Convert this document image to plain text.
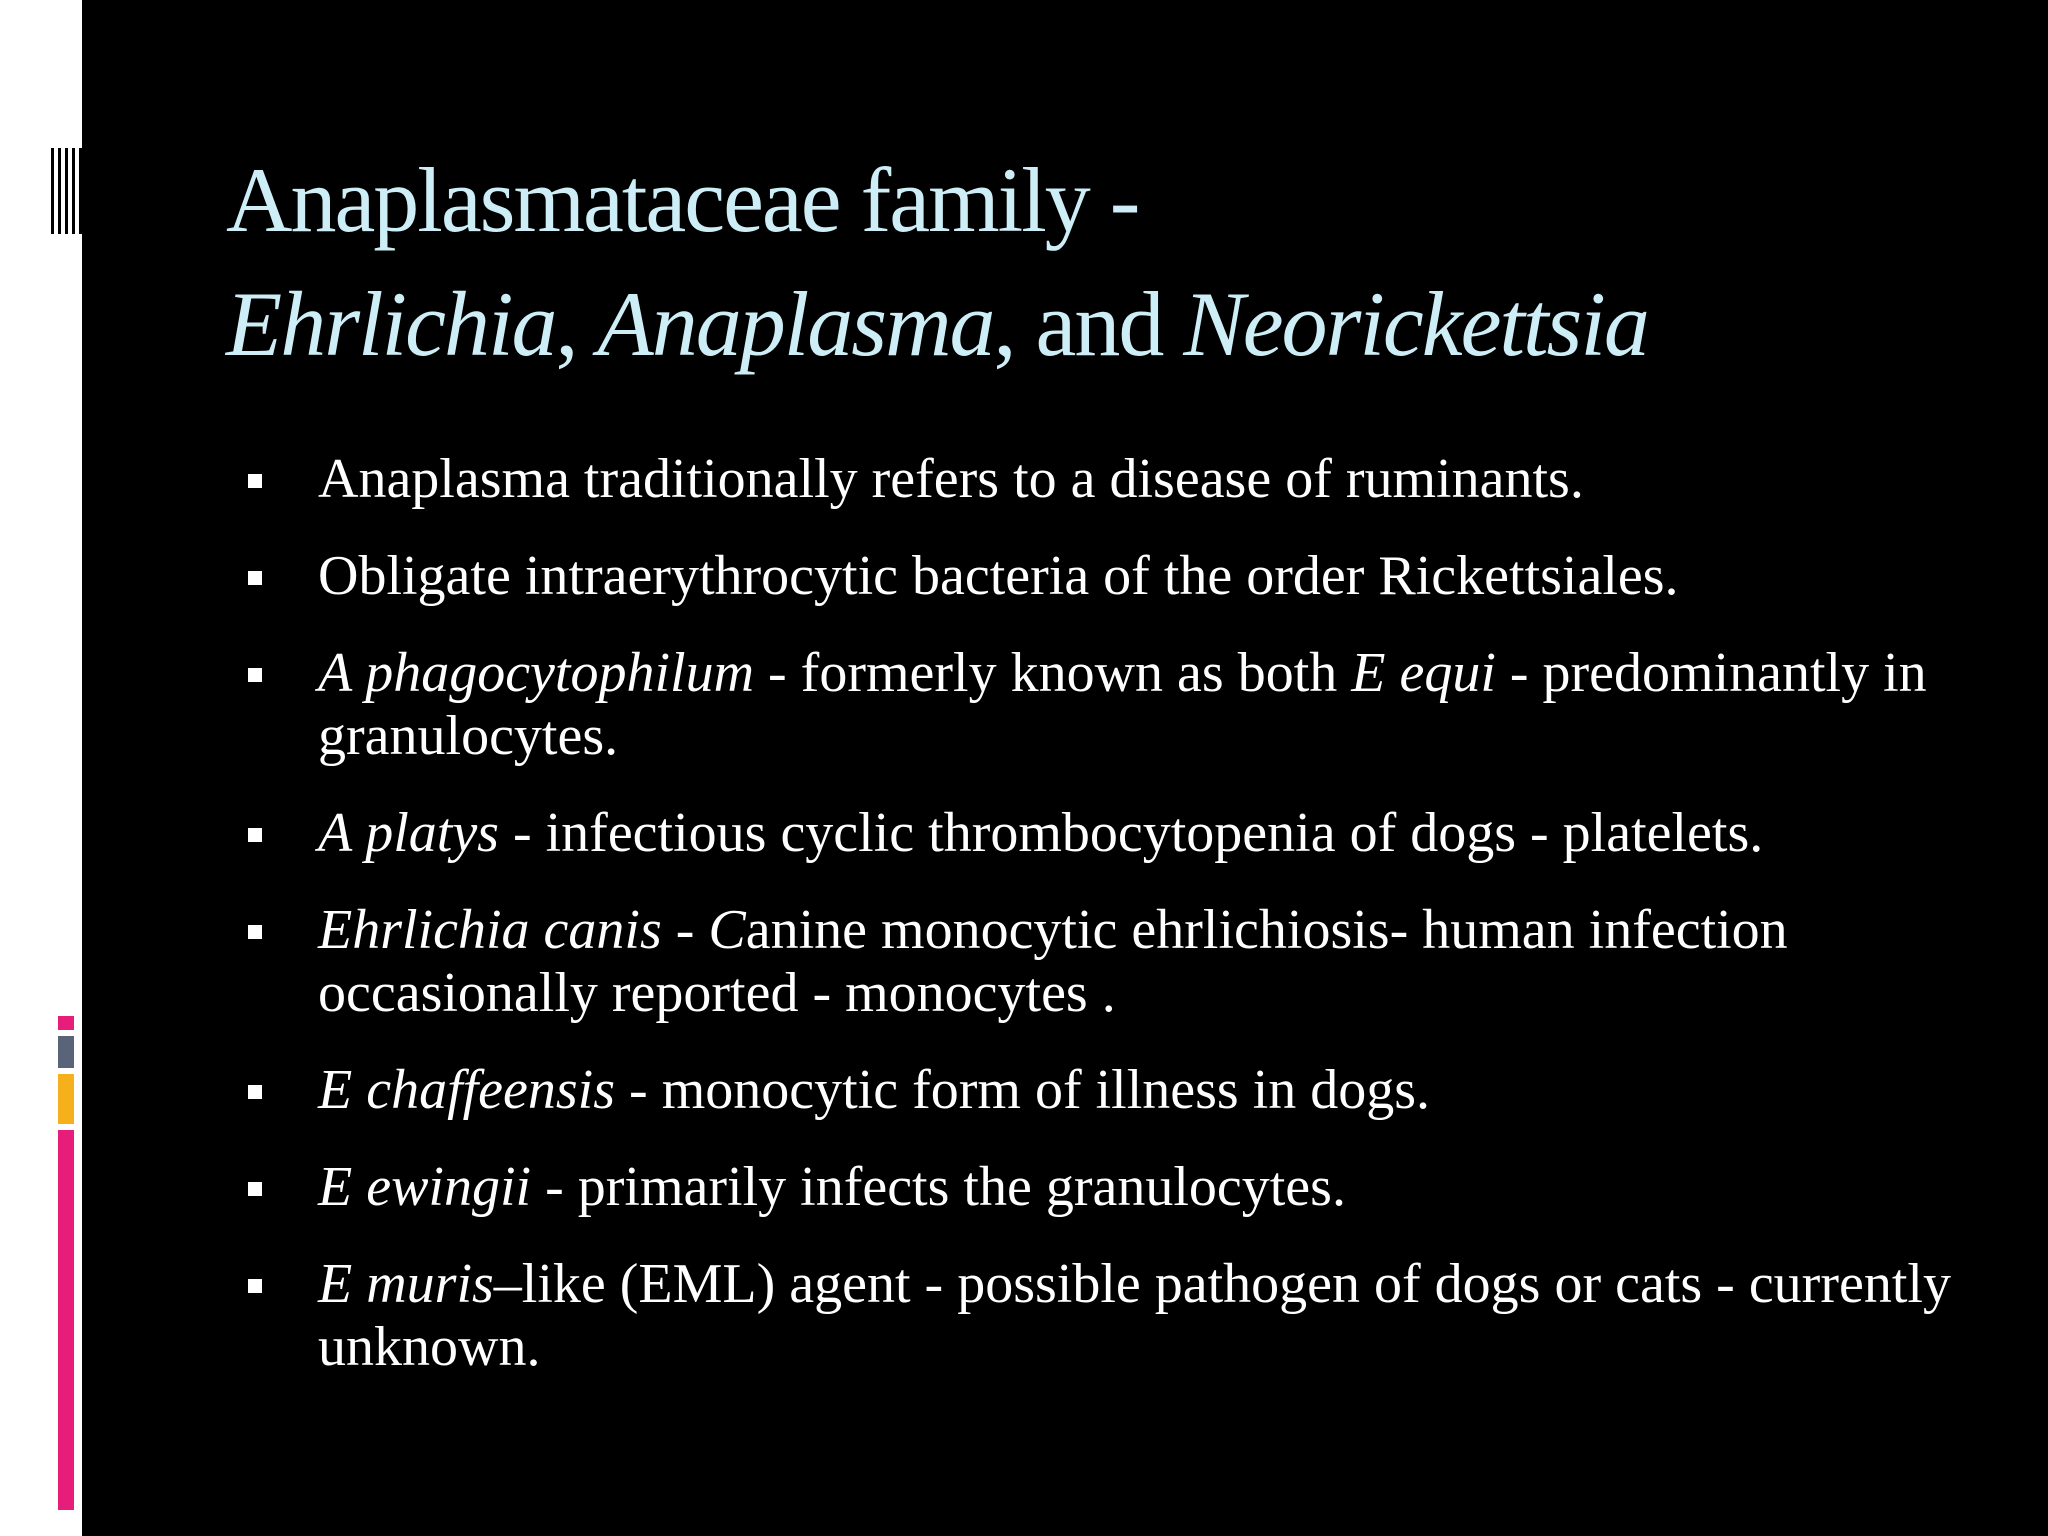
Anaplasmataceae family -
Ehrlichia, Anaplasma, and Neorickettsia
Anaplasma traditionally refers to a disease of ruminants.
Obligate intraerythrocytic bacteria of the order Rickettsiales.
A phagocytophilum - formerly known as both E equi - predominantly in granulocytes.
A platys - infectious cyclic thrombocytopenia of dogs - platelets.
Ehrlichia canis - Canine monocytic ehrlichiosis- human infection occasionally reported - monocytes .
E chaffeensis - monocytic form of illness in dogs.
E ewingii - primarily infects the granulocytes.
E muris–like (EML) agent - possible pathogen of dogs or cats - currently unknown.
